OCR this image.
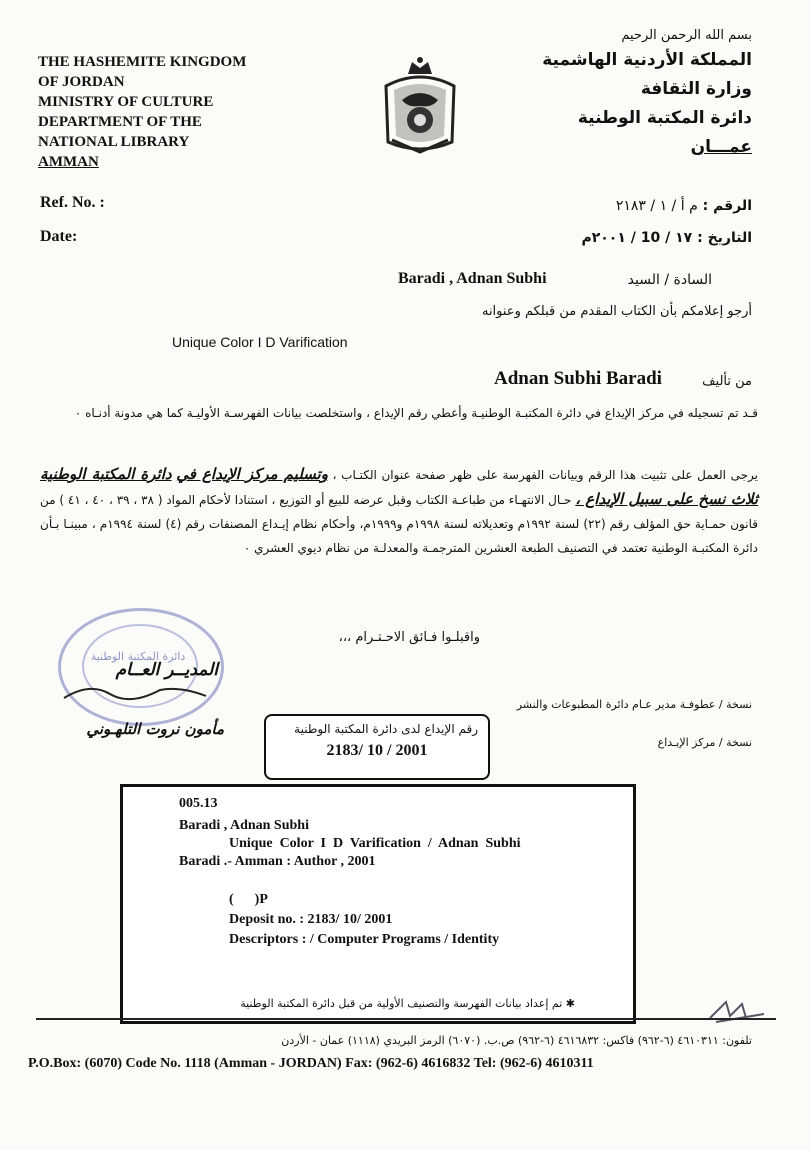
THE HASHEMITE KINGDOM
OF JORDAN
MINISTRY OF CULTURE
DEPARTMENT OF THE
NATIONAL LIBRARY
AMMAN
بسم الله الرحمن الرحيم
المملكة الأردنية الهاشمية
وزارة الثقافة
دائرة المكتبة الوطنية
عمـــان
Ref. No. :
Date:
الرقم : م أ / ١ / ٢١٨٣
التاريخ : ١٧ / 10 / ٢٠٠١م
السادة / السيد
Baradi , Adnan Subhi
أرجو إعلامكم بأن الكتاب المقدم من قبلكم وعنوانه
Unique Color I D Varification
من تأليف
Adnan Subhi Baradi
قـد تم تسجيله في مركز الإيداع في دائرة المكتبـة الوطنيـة وأعطي رقم الإيداع ، واستخلصت بيانات الفهرسـة الأوليـة كما هي مدونة أدنـاه ٠
يرجى العمل على تثبيت هذا الرقم وبيانات الفهرسة على ظهر صفحة عنوان الكتـاب ، وتسليم مركز الإيداع في دائرة المكتبة الوطنية ثلاث نسخ على سبيل الإيداع ، حـال الانتهـاء من طباعـة الكتاب وقبل عرضه للبيع أو التوزيع ، استنادا لأحكام المواد ( ٣٨ ، ٣٩ ، ٤٠ ، ٤١ ) من قانون حمـاية حق المؤلف رقم (٢٢) لسنة ١٩٩٢م وتعديلاته لسنة ١٩٩٨م و١٩٩٩م، وأحكام نظام إيـداع المصنفات رقم (٤) لسنة ١٩٩٤م ، مبينـا بـأن دائرة المكتبـة الوطنية تعتمد في التصنيف الطبعة العشرين المترجمـة والمعدلـة من نظام ديوي العشري ٠
واقبلـوا فـائق الاحـتـرام ،،،
دائرة المكتبة الوطنية
المديــر العــام
مأمون نروت التلهـوني
نسخة / عطوفـة مدير عـام دائرة المطبوعات والنشر
نسخة / مركز الإيـداع
رقم الإيداع لدى دائرة المكتبة الوطنية
2183/ 10 / 2001
005.13
Baradi , Adnan Subhi
Unique  Color  I  D  Varification  /  Adnan  Subhi
Baradi .- Amman : Author , 2001
(      )P
Deposit no. : 2183/ 10/ 2001
Descriptors : / Computer Programs / Identity
✱ تم إعداد بيانات الفهرسة والتصنيف الأولية من قبل دائرة المكتبة الوطنية
تلفون: ٤٦١٠٣١١ (٦-٩٦٢) فاكس: ٤٦١٦٨٣٢ (٦-٩٦٢) ص.ب. (٦٠٧٠) الرمز البريدي (١١١٨) عمان - الأردن
P.O.Box: (6070) Code No. 1118 (Amman - JORDAN) Fax: (962-6) 4616832 Tel: (962-6) 4610311
